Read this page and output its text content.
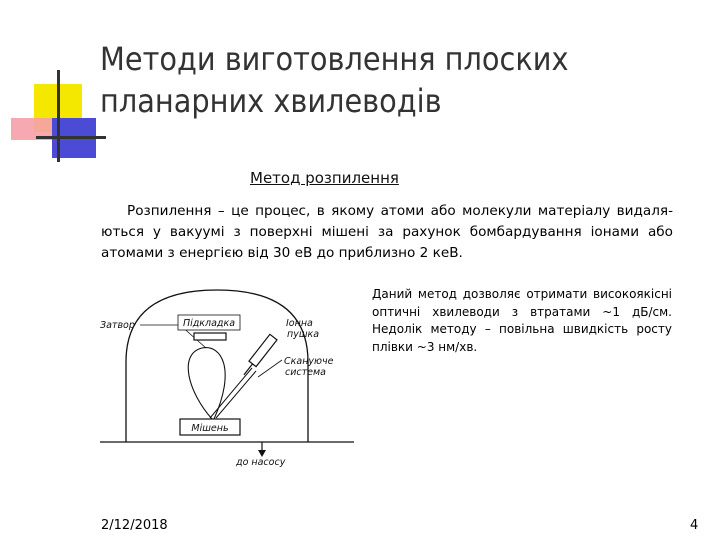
Методи виготовлення плоских
планарних хвилеводів
Метод розпилення
Розпилення – це процес, в якому атоми або молекули матеріалу видаля-
ються у вакуумі з поверхні мішені за рахунок бомбардування іонами або
атомами з енергією від 30 еВ до приблизно 2 кеВ.
Затвор	Підкладка	Іонна
пушка
Скануюче
система
Мішень
до насосу
Даний метод дозволяє отримати високоякісні
оптичні хвилеводи з втратами ~1 дБ/см.
Недолік методу – повільна швидкість росту
плівки ~3 нм/хв.
2/12/2018	4
